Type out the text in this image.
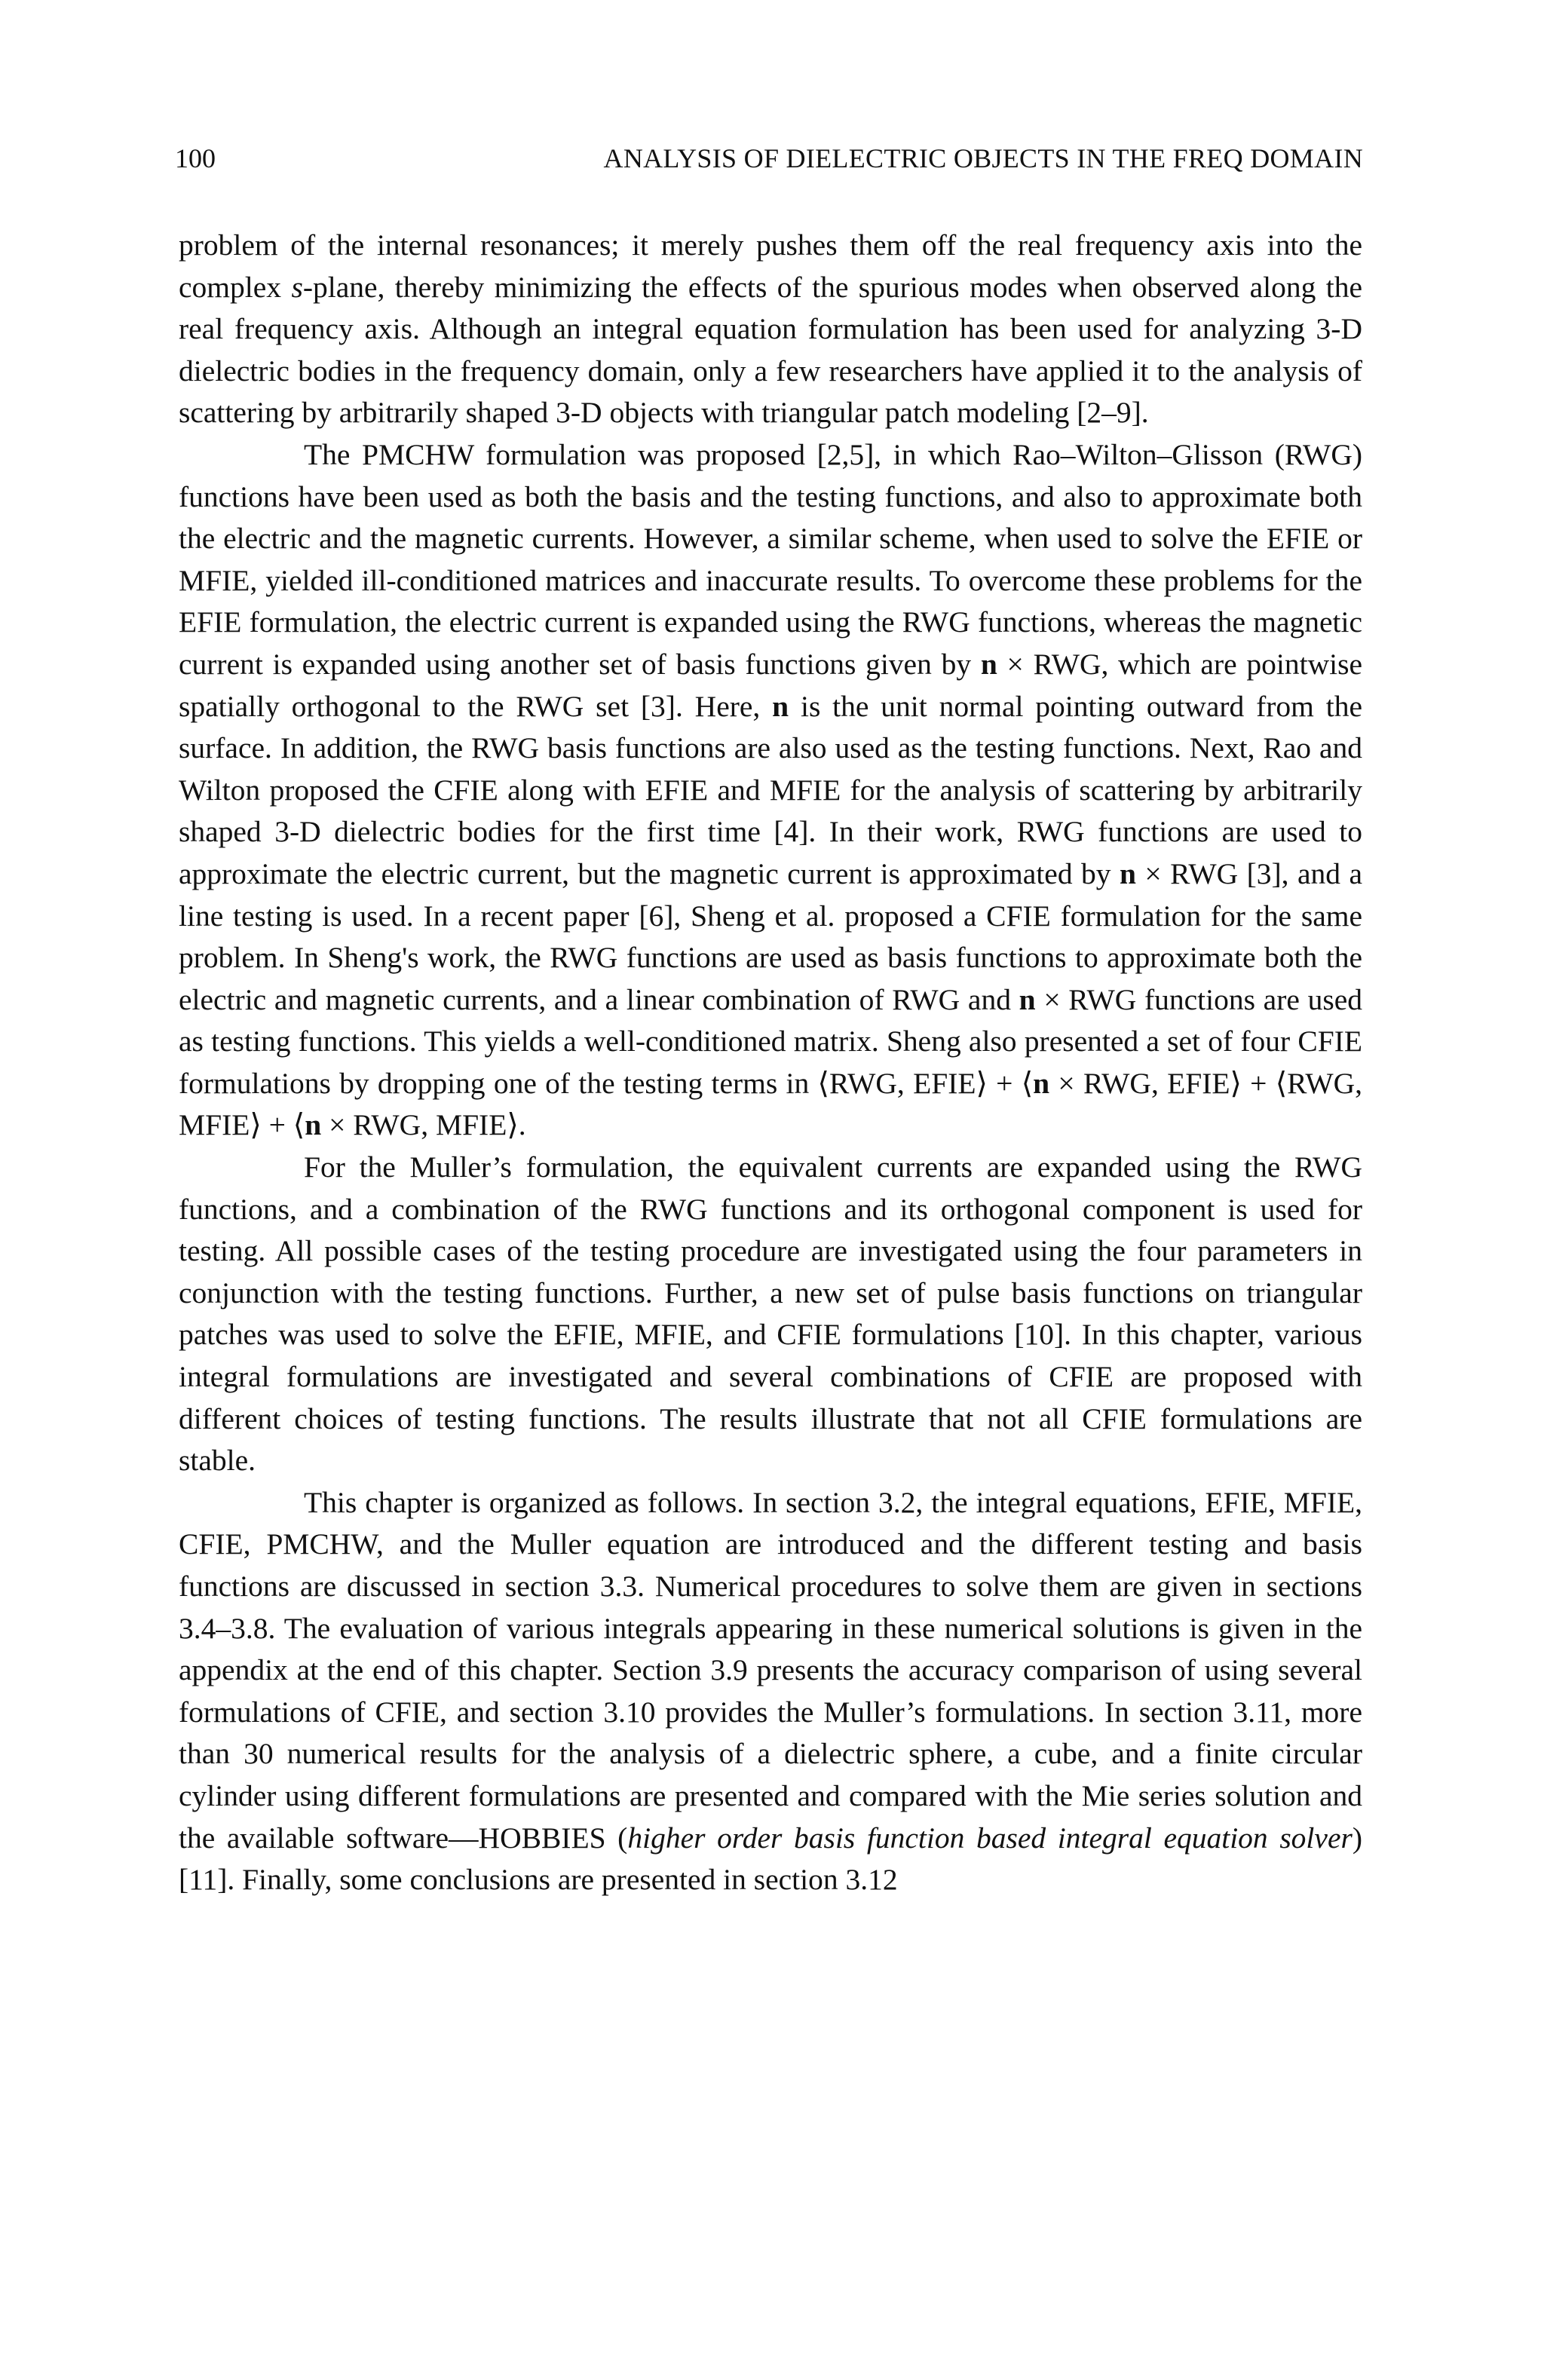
100	ANALYSIS OF DIELECTRIC OBJECTS IN THE FREQ DOMAIN

problem of the internal resonances; it merely pushes them off the real frequency axis into the complex s-plane, thereby minimizing the effects of the spurious modes when observed along the real frequency axis. Although an integral equation formulation has been used for analyzing 3-D dielectric bodies in the frequency domain, only a few researchers have applied it to the analysis of scattering by arbitrarily shaped 3-D objects with triangular patch modeling [2–9].

The PMCHW formulation was proposed [2,5], in which Rao–Wilton–Glisson (RWG) functions have been used as both the basis and the testing functions, and also to approximate both the electric and the magnetic currents. However, a similar scheme, when used to solve the EFIE or MFIE, yielded ill-conditioned matrices and inaccurate results. To overcome these problems for the EFIE formulation, the electric current is expanded using the RWG functions, whereas the magnetic current is expanded using another set of basis functions given by n × RWG, which are pointwise spatially orthogonal to the RWG set [3]. Here, n is the unit normal pointing outward from the surface. In addition, the RWG basis functions are also used as the testing functions. Next, Rao and Wilton proposed the CFIE along with EFIE and MFIE for the analysis of scattering by arbitrarily shaped 3-D dielectric bodies for the first time [4]. In their work, RWG functions are used to approximate the electric current, but the magnetic current is approximated by n × RWG [3], and a line testing is used. In a recent paper [6], Sheng et al. proposed a CFIE formulation for the same problem. In Sheng's work, the RWG functions are used as basis functions to approximate both the electric and magnetic currents, and a linear combination of RWG and n × RWG functions are used as testing functions. This yields a well-conditioned matrix. Sheng also presented a set of four CFIE formulations by dropping one of the testing terms in ⟨RWG, EFIE⟩ + ⟨n × RWG, EFIE⟩ + ⟨RWG, MFIE⟩ + ⟨n × RWG, MFIE⟩.

For the Muller’s formulation, the equivalent currents are expanded using the RWG functions, and a combination of the RWG functions and its orthogonal component is used for testing. All possible cases of the testing procedure are investigated using the four parameters in conjunction with the testing functions. Further, a new set of pulse basis functions on triangular patches was used to solve the EFIE, MFIE, and CFIE formulations [10]. In this chapter, various integral formulations are investigated and several combinations of CFIE are proposed with different choices of testing functions. The results illustrate that not all CFIE formulations are stable.

This chapter is organized as follows. In section 3.2, the integral equations, EFIE, MFIE, CFIE, PMCHW, and the Muller equation are introduced and the different testing and basis functions are discussed in section 3.3. Numerical procedures to solve them are given in sections 3.4–3.8. The evaluation of various integrals appearing in these numerical solutions is given in the appendix at the end of this chapter. Section 3.9 presents the accuracy comparison of using several formulations of CFIE, and section 3.10 provides the Muller’s formulations. In section 3.11, more than 30 numerical results for the analysis of a dielectric sphere, a cube, and a finite circular cylinder using different formulations are presented and compared with the Mie series solution and the available software—HOBBIES (higher order basis function based integral equation solver) [11]. Finally, some conclusions are presented in section 3.12
